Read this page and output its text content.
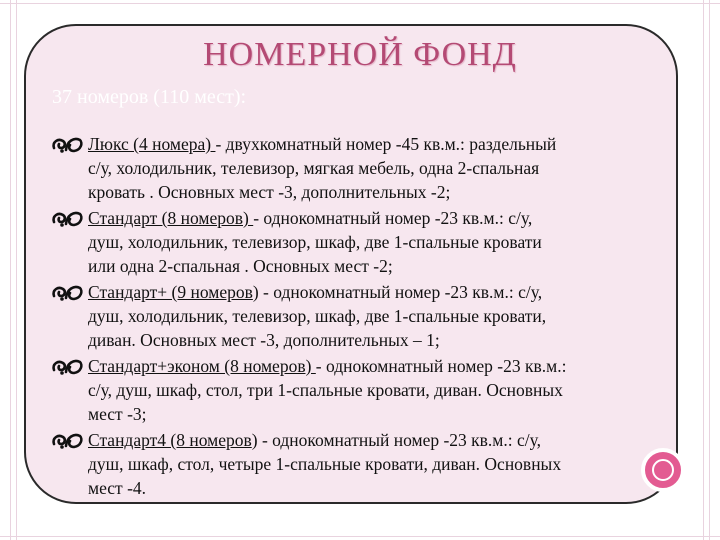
НОМЕРНОЙ ФОНД
37 номеров (110 мест):
Люкс (4 номера) - двухкомнатный номер -45 кв.м.: раздельный
с/у, холодильник, телевизор, мягкая мебель, одна 2-спальная
кровать . Основных мест -3, дополнительных -2;
Стандарт (8 номеров) - однокомнатный номер -23 кв.м.: с/у,
душ, холодильник, телевизор, шкаф, две 1-спальные кровати
или одна 2-спальная . Основных мест -2;
Стандарт+ (9 номеров) - однокомнатный номер -23 кв.м.: с/у,
душ, холодильник, телевизор, шкаф, две 1-спальные кровати,
диван. Основных мест -3, дополнительных – 1;
Стандарт+эконом (8 номеров) - однокомнатный номер -23 кв.м.:
с/у, душ, шкаф, стол, три 1-спальные кровати, диван. Основных
мест -3;
Стандарт4 (8 номеров) - однокомнатный номер -23 кв.м.: с/у,
душ, шкаф, стол, четыре 1-спальные кровати, диван. Основных
мест -4.
